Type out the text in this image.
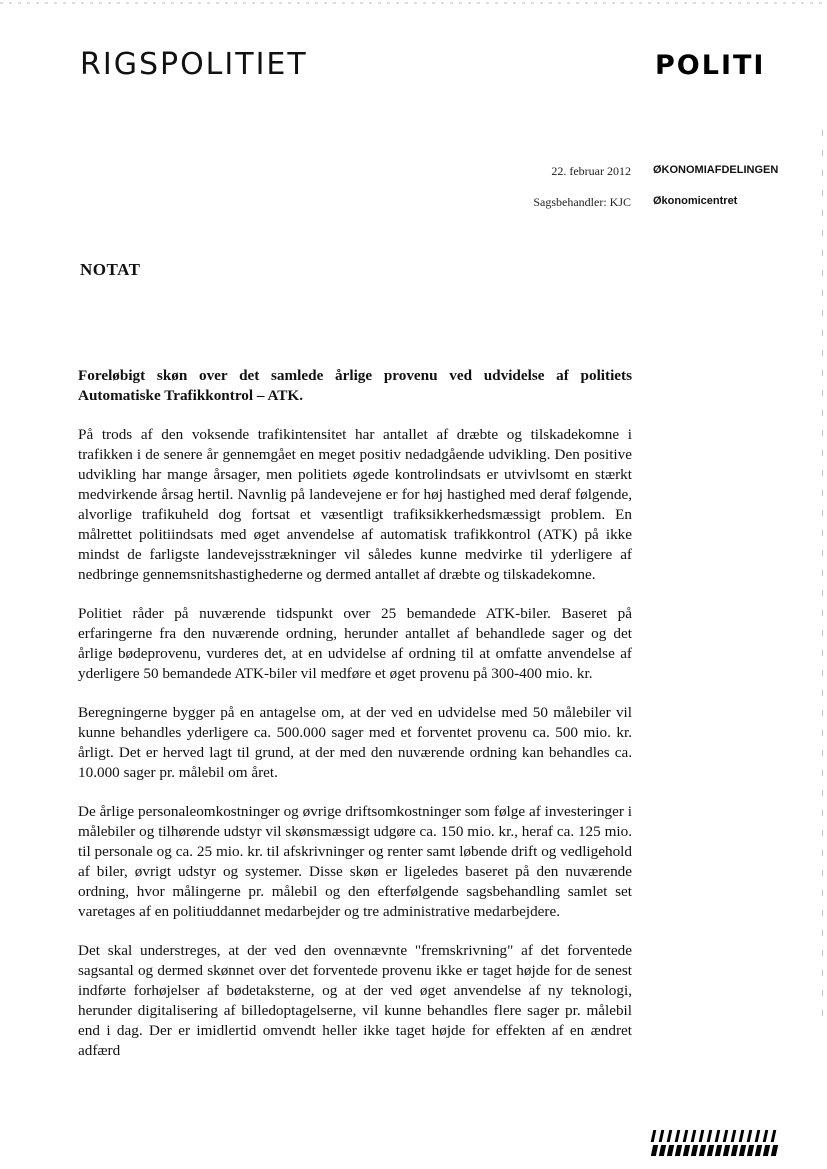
RIGSPOLITIET	POLITI
22. februar 2012 ØKONOMIAFDELINGEN
Sagsbehandler: KJC Økonomicentret
NOTAT

Foreløbigt skøn over det samlede årlige provenu ved udvidelse af politiets Automatiske Trafikkontrol – ATK.

På trods af den voksende trafikintensitet har antallet af dræbte og tilskadekomne i trafikken i de senere år gennemgået en meget positiv nedadgående udvikling. Den positive udvikling har mange årsager, men politiets øgede kontrolindsats er utvivlsomt en stærkt medvirkende årsag hertil. Navnlig på landevejene er for høj hastighed med deraf følgende, alvorlige trafikuheld dog fortsat et væsentligt trafiksikkerhedsmæssigt problem. En målrettet politiindsats med øget anvendelse af automatisk trafikkontrol (ATK) på ikke mindst de farligste landevejsstrækninger vil således kunne medvirke til yderligere af nedbringe gennemsnitshastighederne og dermed antallet af dræbte og tilskadekomne.

Politiet råder på nuværende tidspunkt over 25 bemandede ATK-biler. Baseret på erfaringerne fra den nuværende ordning, herunder antallet af behandlede sager og det årlige bødeprovenu, vurderes det, at en udvidelse af ordning til at omfatte anvendelse af yderligere 50 bemandede ATK-biler vil medføre et øget provenu på 300-400 mio. kr.

Beregningerne bygger på en antagelse om, at der ved en udvidelse med 50 målebiler vil kunne behandles yderligere ca. 500.000 sager med et forventet provenu ca. 500 mio. kr. årligt. Det er herved lagt til grund, at der med den nuværende ordning kan behandles ca. 10.000 sager pr. målebil om året.

De årlige personaleomkostninger og øvrige driftsomkostninger som følge af investeringer i målebiler og tilhørende udstyr vil skønsmæssigt udgøre ca. 150 mio. kr., heraf ca. 125 mio. til personale og ca. 25 mio. kr. til afskrivninger og renter samt løbende drift og vedligehold af biler, øvrigt udstyr og systemer. Disse skøn er ligeledes baseret på den nuværende ordning, hvor målingerne pr. målebil og den efterfølgende sagsbehandling samlet set varetages af en politiuddannet medarbejder og tre administrative medarbejdere.

Det skal understreges, at der ved den ovennævnte "fremskrivning" af det forventede sagsantal og dermed skønnet over det forventede provenu ikke er taget højde for de senest indførte forhøjelser af bødetaksterne, og at der ved øget anvendelse af ny teknologi, herunder digitalisering af billedoptagelserne, vil kunne behandles flere sager pr. målebil end i dag. Der er imidlertid omvendt heller ikke taget højde for effekten af en ændret adfærd
